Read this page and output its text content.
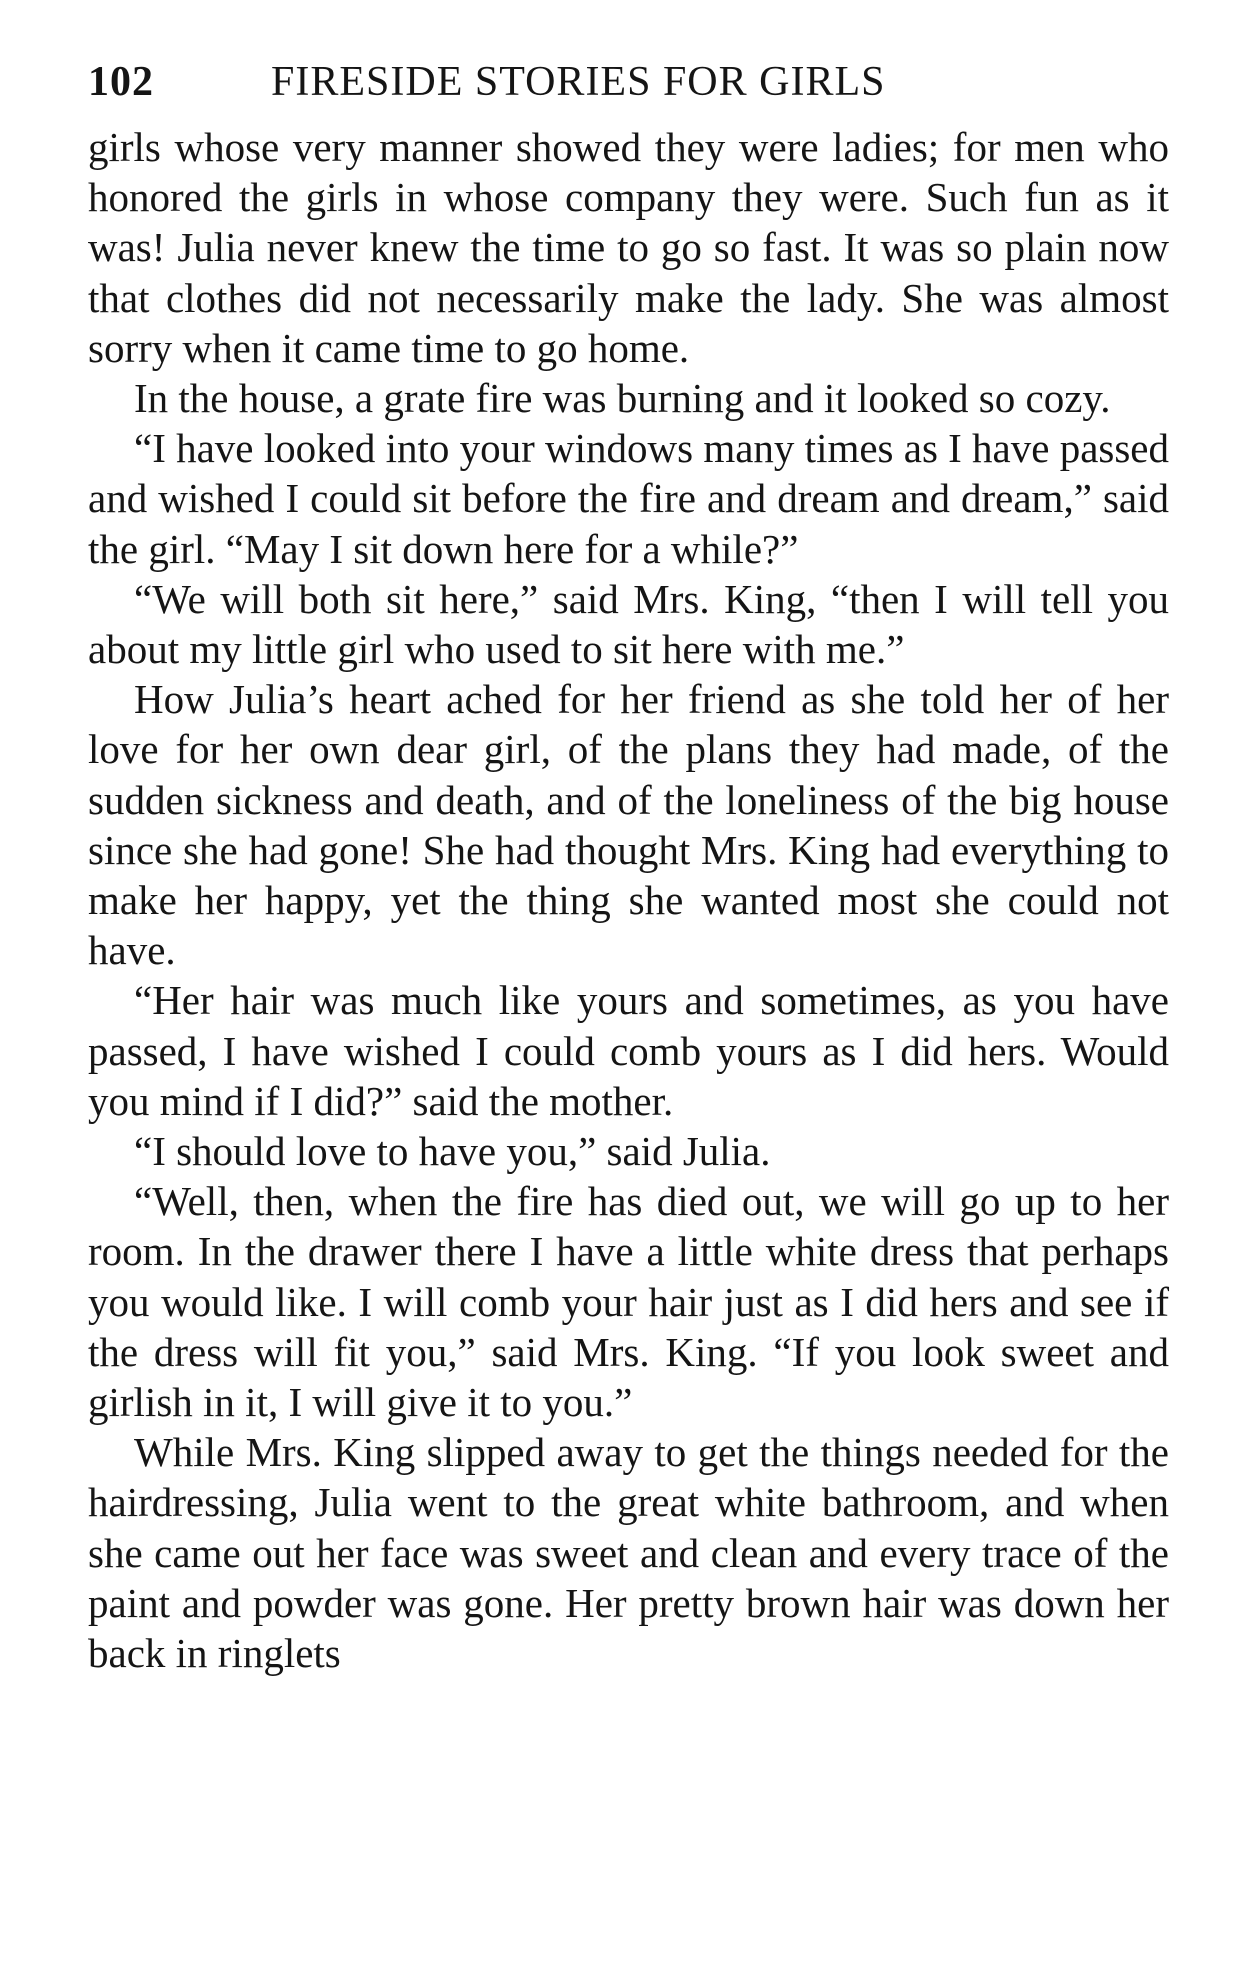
102	FIRESIDE STORIES FOR GIRLS

girls whose very manner showed they were ladies; for men who honored the girls in whose company they were. Such fun as it was! Julia never knew the time to go so fast. It was so plain now that clothes did not necessarily make the lady. She was almost sorry when it came time to go home.

In the house, a grate fire was burning and it looked so cozy.

“I have looked into your windows many times as I have passed and wished I could sit before the fire and dream and dream,” said the girl. “May I sit down here for a while?”

“We will both sit here,” said Mrs. King, “then I will tell you about my little girl who used to sit here with me.”

How Julia’s heart ached for her friend as she told her of her love for her own dear girl, of the plans they had made, of the sudden sickness and death, and of the loneliness of the big house since she had gone! She had thought Mrs. King had everything to make her happy, yet the thing she wanted most she could not have.

“Her hair was much like yours and sometimes, as you have passed, I have wished I could comb yours as I did hers. Would you mind if I did?” said the mother.

“I should love to have you,” said Julia.

“Well, then, when the fire has died out, we will go up to her room. In the drawer there I have a little white dress that perhaps you would like. I will comb your hair just as I did hers and see if the dress will fit you,” said Mrs. King. “If you look sweet and girlish in it, I will give it to you.”

While Mrs. King slipped away to get the things needed for the hairdressing, Julia went to the great white bathroom, and when she came out her face was sweet and clean and every trace of the paint and powder was gone. Her pretty brown hair was down her back in ringlets
